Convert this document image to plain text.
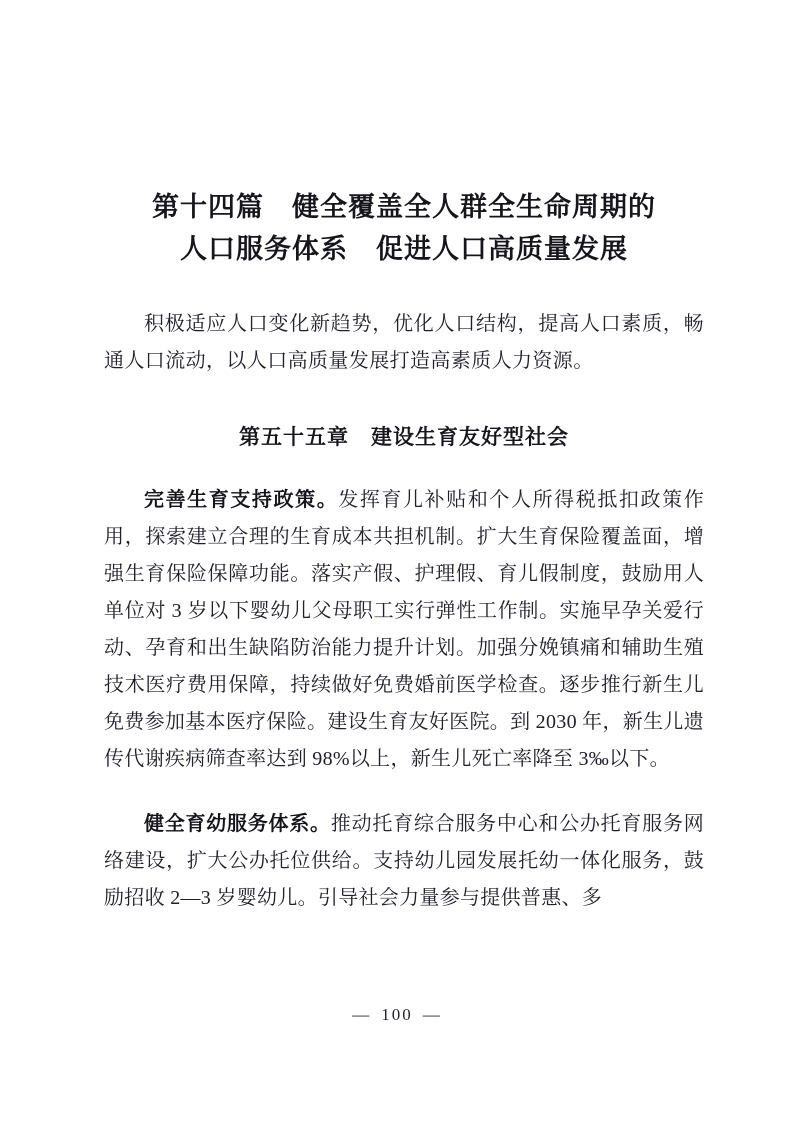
第十四篇　健全覆盖全人群全生命周期的
人口服务体系　促进人口高质量发展

积极适应人口变化新趋势，优化人口结构，提高人口素质，畅通人口流动，以人口高质量发展打造高素质人力资源。

第五十五章　建设生育友好型社会

完善生育支持政策。发挥育儿补贴和个人所得税抵扣政策作用，探索建立合理的生育成本共担机制。扩大生育保险覆盖面，增强生育保险保障功能。落实产假、护理假、育儿假制度，鼓励用人单位对 3 岁以下婴幼儿父母职工实行弹性工作制。实施早孕关爱行动、孕育和出生缺陷防治能力提升计划。加强分娩镇痛和辅助生殖技术医疗费用保障，持续做好免费婚前医学检查。逐步推行新生儿免费参加基本医疗保险。建设生育友好医院。到 2030 年，新生儿遗传代谢疾病筛查率达到 98%以上，新生儿死亡率降至 3‰以下。

健全育幼服务体系。推动托育综合服务中心和公办托育服务网络建设，扩大公办托位供给。支持幼儿园发展托幼一体化服务，鼓励招收 2—3 岁婴幼儿。引导社会力量参与提供普惠、多

— 100 —
